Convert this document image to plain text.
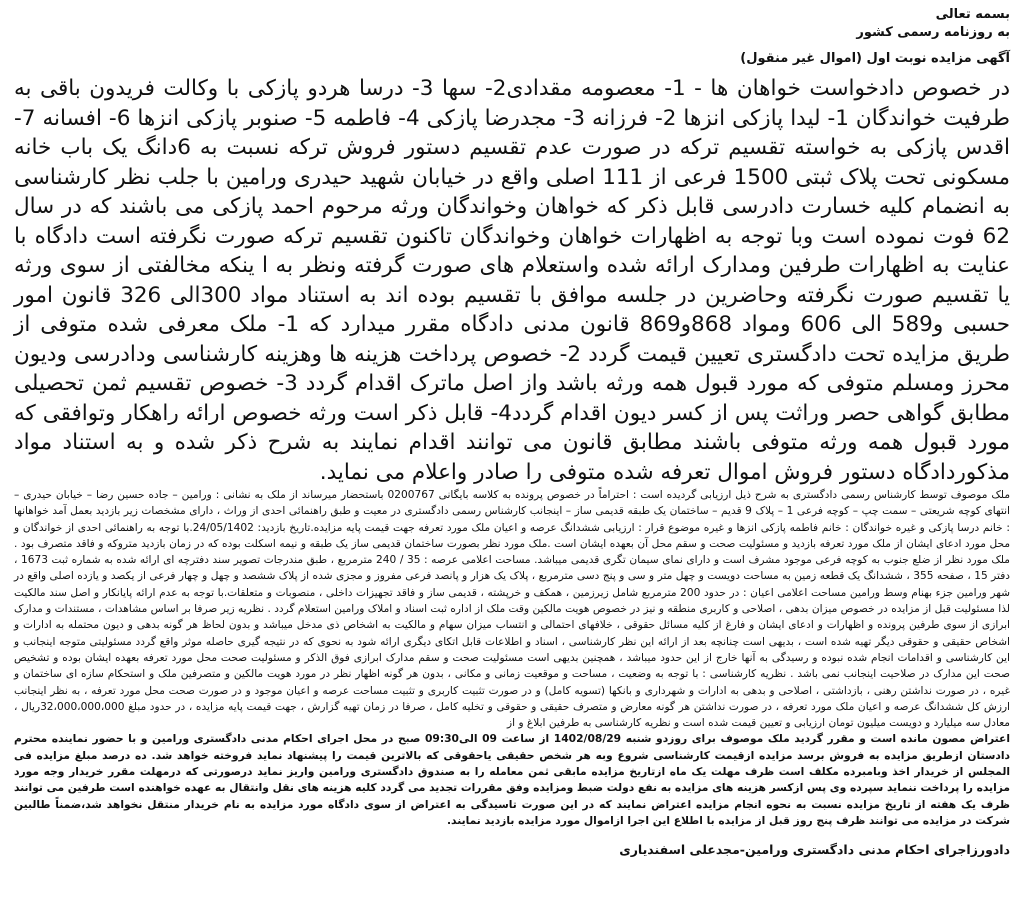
بسمه تعالی
به روزنامه رسمی کشور
آگهی مزایده نوبت اول (اموال غیر منقول)

در خصوص دادخواست خواهان ها - 1- معصومه مقدادی2- سها 3- درسا هردو پازکی با وکالت فریدون باقی به طرفیت خواندگان 1- لیدا پازکی انزها 2- فرزانه 3- مجدرضا پازکی 4- فاطمه 5- صنوبر پازکی انزها 6- افسانه 7- اقدس پازکی به خواسته تقسیم ترکه در صورت عدم تقسیم دستور فروش ترکه نسبت به 6دانگ یک باب خانه مسکونی تحت پلاک ثبتی 1500 فرعی از 111 اصلی واقع در خیابان شهید حیدری ورامین با جلب نظر کارشناسی به انضمام کلیه خسارت دادرسی قابل ذکر که خواهان وخواندگان ورثه مرحوم احمد پازکی می باشند که در سال 62 فوت نموده است وبا توجه به اظهارات خواهان وخواندگان تاکنون تقسیم ترکه صورت نگرفته است دادگاه با عنایت به اظهارات طرفین ومدارک ارائه شده واستعلام های صورت گرفته ونظر به ا ینکه مخالفتی از سوی ورثه یا تقسیم صورت نگرفته وحاضرین در جلسه موافق با تقسیم بوده اند به استناد مواد 300الی 326 قانون امور حسبی و589 الی 606 ومواد 868و869 قانون مدنی دادگاه مقرر میدارد که 1- ملک معرفی شده متوفی از طریق مزایده تحت دادگستری تعیین قیمت گردد 2- خصوص پرداخت هزینه ها وهزینه کارشناسی ودادرسی ودیون محرز ومسلم متوفی که مورد قبول همه ورثه باشد واز اصل ماترک اقدام گردد 3- خصوص تقسیم ثمن تحصیلی مطابق گواهی حصر وراثت پس از کسر دیون اقدام گردد4- قابل ذکر است ورثه خصوص ارائه راهکار وتوافقی که مورد قبول همه ورثه متوفی باشند مطابق قانون می توانند اقدام نمایند به شرح ذکر شده و به استناد مواد مذکوردادگاه دستور فروش اموال تعرفه شده متوفی را صادر واعلام می نماید.

ملک موصوف توسط کارشناس رسمی دادگستری به شرح ذیل ارزیابی گردیده است : احتراماً در خصوص پرونده به کلاسه بایگانی 0200767 باستحضار میرساند از ملک به نشانی : ورامین – جاده حسین رضا – خیابان حیدری – انتهای کوچه شریعتی – سمت چپ – کوچه فرعی 1 – پلاک 9 قدیم – ساختمان یک طبقه قدیمی ساز – اینجانب کارشناس رسمی دادگستری در معیت و طبق راهنمائی احدی از وراث ، دارای مشخصات زیر بازدید بعمل آمد خواهانها : خانم درسا پازکی و غیره خواندگان : خانم فاطمه پازکی انزها و غیره موضوع قرار : ارزیابی ششدانگ عرصه و اعیان ملک مورد تعرفه جهت قیمت پایه مزایده.تاریخ بازدید: 24/05/1402.با توجه به راهنمائی احدی از خواندگان و محل مورد ادعای ایشان از ملک مورد تعرفه بازدید و مسئولیت صحت و سقم محل آن بعهده ایشان است .ملک مورد نظر بصورت ساختمان قدیمی ساز یک طبقه و نیمه اسکلت بوده که در زمان بازدید متروکه و فاقد متصرف بود . ملک مورد نظر از ضلع جنوب به کوچه فرعی موجود مشرف است و دارای نمای سیمان تگری قدیمی میباشد. مساحت اعلامی عرصه : 35 / 240 مترمربع ، طبق مندرجات تصویر سند دفترچه ای ارائه شده به شماره ثبت 1673 ، دفتر 15 ، صفحه 355 ، ششدانگ یک قطعه زمین به مساحت دویست و چهل متر و سی و پنج دسی مترمربع ، پلاک یک هزار و پانصد فرعی مفروز و مجزی شده از پلاک ششصد و چهل و چهار فرعی از یکصد و یازده اصلی واقع در شهر ورامین جزء بهنام وسط ورامین مساحت اعلامی اعیان : در حدود 200 مترمربع شامل زیرزمین ، همکف و خرپشته ، قدیمی ساز و فاقد تجهیزات داخلی ، منصوبات و متعلقات.با توجه به عدم ارائه پایانکار و اصل سند مالکیت لذا مسئولیت قبل از مزایده در خصوص میزان بدهی ، اصلاحی و کاربری منطقه و نیز در خصوص هویت مالکین وقت ملک از اداره ثبت اسناد و املاک ورامین استعلام گردد . نظریه زیر صرفا بر اساس مشاهدات ، مستندات و مدارک ابرازی از سوی طرفین پرونده و اظهارات و ادعای ایشان و فارغ از کلیه مسائل حقوقی ، خلافهای احتمالی و انتساب میزان سهام و مالکیت به اشخاص ذی مدخل میباشد و بدون لحاظ هر گونه بدهی و دیون محتمله به ادارات و اشخاص حقیقی و حقوقی دیگر تهیه شده است ، بدیهی است چنانچه بعد از ارائه این نظر کارشناسی ، اسناد و اطلاعات قابل اتکای دیگری ارائه شود به نحوی که در نتیجه گیری حاصله موثر واقع گردد مسئولیتی متوجه اینجانب و این کارشناسی و اقدامات انجام شده نبوده و رسیدگی به آنها خارج از این حدود میباشد ، همچنین بدیهی است مسئولیت صحت و سقم مدارک ابرازی فوق الذکر و مسئولیت صحت محل مورد تعرفه بعهده ایشان بوده و تشخیص صحت این مدارک در صلاحیت اینجانب نمی باشد . نظریه کارشناسی : با توجه به وضعیت ، مساحت و موقعیت زمانی و مکانی ، بدون هر گونه اظهار نظر در مورد هویت مالکین و متصرفین ملک و استحکام سازه ای ساختمان و غیره ، در صورت نداشتن رهنی ، بازداشتی ، اصلاحی و بدهی به ادارات و شهرداری و بانکها (تسویه کامل) و در صورت تثبیت کاربری و تثبیت مساحت عرصه و اعیان موجود و در صورت صحت محل مورد تعرفه ، به نظر اینجانب ارزش کل ششدانگ عرصه و اعیان ملک مورد تعرفه ، در صورت نداشتن هر گونه معارض و متصرف حقیقی و حقوقی و تخلیه کامل ، صرفا در زمان تهیه گزارش ، جهت قیمت پایه مزایده ، در حدود مبلغ 32،000،000،000ریال ، معادل سه میلیارد و دویست میلیون تومان ارزیابی و تعیین قیمت شده است و نظریه کارشناسی به طرفین ابلاغ و از

اعتراض مصون مانده است و مقرر گردید ملک موصوف برای روزدو شنبه 1402/08/29 از ساعت 09 الی09:30 صبح در محل اجرای احکام مدنی دادگستری ورامین و با حضور نماینده محترم دادستان ازطریق مزایده به فروش برسد مزایده ازقیمت کارشناسی شروع وبه هر شخص حقیقی یاحقوقی که بالاترین قیمت را پیشنهاد نماید فروخته خواهد شد. ده درصد مبلغ مزایده فی المجلس از خریدار اخذ وبامبرده مکلف است ظرف مهلت یک ماه ازتاریخ مزایده مابقی ثمن معامله را به صندوق دادگستری ورامین واریز نماید درصورتی که درمهلت مقرر خریدار وجه مورد مزایده را پرداخت ننماید سپرده وی پس ازکسر هزینه های مزایده به نفع دولت ضبط ومزایده وفق مقررات تجدید می گردد کلیه هزینه های نقل وانتقال به عهده خواهنده است طرفین می توانند ظرف یک هفته از تاریخ مزایده نسبت به نحوه انجام مزایده اعتراض نمایند که در این صورت تاسیدگی به اعتراض از سوی دادگاه مورد مزایده به نام خریدار منتقل نخواهد شد،ضمناً طالبین شرکت در مزایده می توانند ظرف پنج روز قبل از مزایده با اطلاع این اجرا ازاموال مورد مزایده بازدید نمایند.

دادورزاجرای احکام مدنی دادگستری ورامین-مجدعلی اسفندیاری
